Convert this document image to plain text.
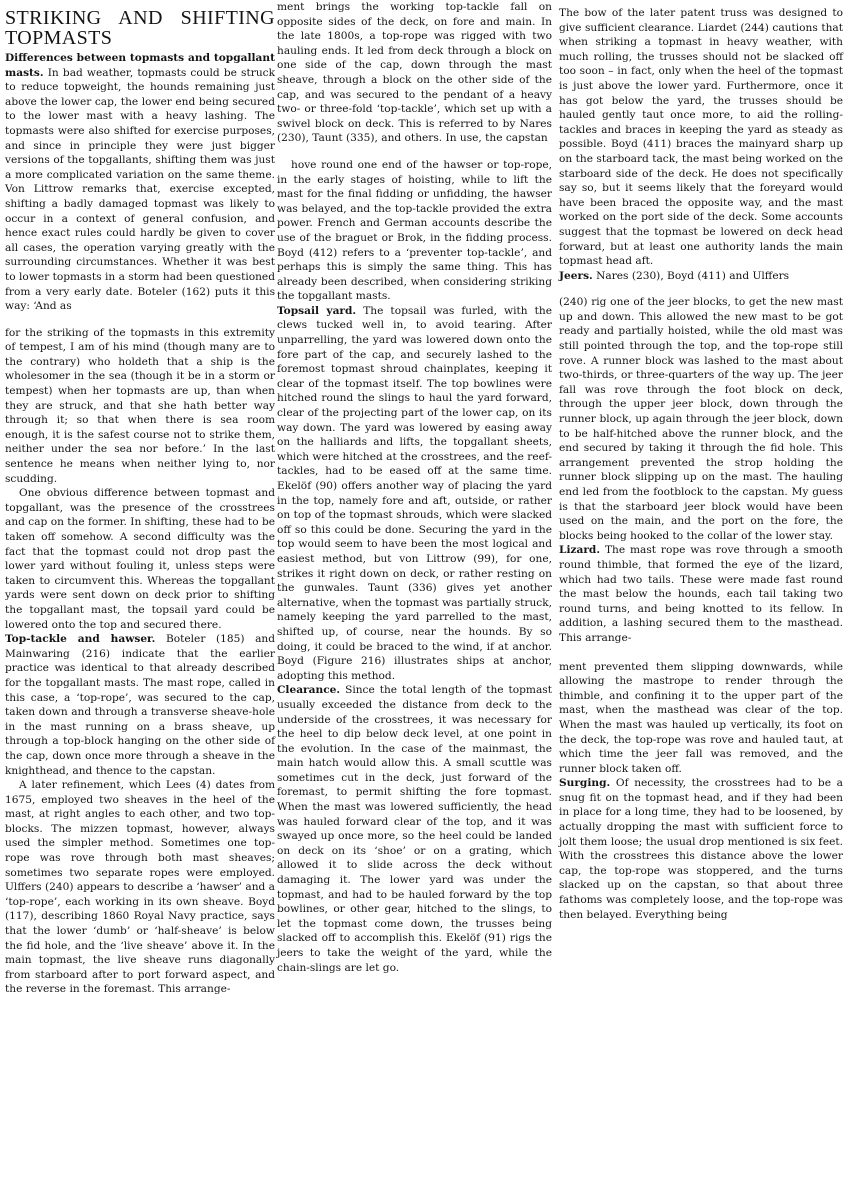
STRIKING AND SHIFTING TOPMASTS

Differences between topmasts and topgallant masts. In bad weather, topmasts could be struck to reduce topweight, the hounds remaining just above the lower cap, the lower end being secured to the lower mast with a heavy lashing. The topmasts were also shifted for exercise purposes, and since in principle they were just bigger versions of the topgallants, shifting them was just a more complicated variation on the same theme. Von Littrow remarks that, exercise excepted, shifting a badly damaged topmast was likely to occur in a context of general confusion, and hence exact rules could hardly be given to cover all cases, the operation varying greatly with the surrounding circumstances. Whether it was best to lower topmasts in a storm had been questioned from a very early date. Boteler (162) puts it this way: ‘And as

for the striking of the topmasts in this extremity of tempest, I am of his mind (though many are to the contrary) who holdeth that a ship is the wholesomer in the sea (though it be in a storm or tempest) when her topmasts are up, than when they are struck, and that she hath better way through it; so that when there is sea room enough, it is the safest course not to strike them, neither under the sea nor before.’ In the last sentence he means when neither lying to, nor scudding.

One obvious difference between topmast and topgallant, was the presence of the crosstrees and cap on the former. In shifting, these had to be taken off somehow. A second difficulty was the fact that the topmast could not drop past the lower yard without fouling it, unless steps were taken to circumvent this. Whereas the topgallant yards were sent down on deck prior to shifting the topgallant mast, the topsail yard could be lowered onto the top and secured there.

Top-tackle and hawser. Boteler (185) and Mainwaring (216) indicate that the earlier practice was identical to that already described for the topgallant masts. The mast rope, called in this case, a ‘top-rope’, was secured to the cap, taken down and through a transverse sheave-hole in the mast running on a brass sheave, up through a top-block hanging on the other side of the cap, down once more through a sheave in the knighthead, and thence to the capstan.

A later refinement, which Lees (4) dates from 1675, employed two sheaves in the heel of the mast, at right angles to each other, and two top-blocks. The mizzen topmast, however, always used the simpler method. Sometimes one top-rope was rove through both mast sheaves; sometimes two separate ropes were employed. Ulffers (240) appears to describe a ‘hawser’ and a ‘top-rope’, each working in its own sheave. Boyd (117), describing 1860 Royal Navy practice, says that the lower ‘dumb’ or ‘half-sheave’ is below the fid hole, and the ‘live sheave’ above it. In the main topmast, the live sheave runs diagonally from starboard after to port forward aspect, and the reverse in the foremast. This arrange-

ment brings the working top-tackle fall on opposite sides of the deck, on fore and main. In the late 1800s, a top-rope was rigged with two hauling ends. It led from deck through a block on one side of the cap, down through the mast sheave, through a block on the other side of the cap, and was secured to the pendant of a heavy two- or three-fold ‘top-tackle’, which set up with a swivel block on deck. This is referred to by Nares (230), Taunt (335), and others. In use, the capstan

hove round one end of the hawser or top-rope, in the early stages of hoisting, while to lift the mast for the final fidding or unfidding, the hawser was belayed, and the top-tackle provided the extra power. French and German accounts describe the use of the braguet or Brok, in the fidding process. Boyd (412) refers to a ‘preventer top-tackle’, and perhaps this is simply the same thing. This has already been described, when considering striking the topgallant masts.

Topsail yard. The topsail was furled, with the clews tucked well in, to avoid tearing. After unparrelling, the yard was lowered down onto the fore part of the cap, and securely lashed to the foremost topmast shroud chainplates, keeping it clear of the topmast itself. The top bowlines were hitched round the slings to haul the yard forward, clear of the projecting part of the lower cap, on its way down. The yard was lowered by easing away on the halliards and lifts, the topgallant sheets, which were hitched at the crosstrees, and the reef-tackles, had to be eased off at the same time. Ekelöf (90) offers another way of placing the yard in the top, namely fore and aft, outside, or rather on top of the topmast shrouds, which were slacked off so this could be done. Securing the yard in the top would seem to have been the most logical and easiest method, but von Littrow (99), for one, strikes it right down on deck, or rather resting on the gunwales. Taunt (336) gives yet another alternative, when the topmast was partially struck, namely keeping the yard parrelled to the mast, shifted up, of course, near the hounds. By so doing, it could be braced to the wind, if at anchor. Boyd (Figure 216) illustrates ships at anchor, adopting this method.

Clearance. Since the total length of the topmast usually exceeded the distance from deck to the underside of the crosstrees, it was necessary for the heel to dip below deck level, at one point in the evolution. In the case of the mainmast, the main hatch would allow this. A small scuttle was sometimes cut in the deck, just forward of the foremast, to permit shifting the fore topmast. When the mast was lowered sufficiently, the head was hauled forward clear of the top, and it was swayed up once more, so the heel could be landed on deck on its ‘shoe’ or on a grating, which allowed it to slide across the deck without damaging it. The lower yard was under the topmast, and had to be hauled forward by the top bowlines, or other gear, hitched to the slings, to let the topmast come down, the trusses being slacked off to accomplish this. Ekelöf (91) rigs the jeers to take the weight of the yard, while the chain-slings are let go.

The bow of the later patent truss was designed to give sufficient clearance. Liardet (244) cautions that when striking a topmast in heavy weather, with much rolling, the trusses should not be slacked off too soon – in fact, only when the heel of the topmast is just above the lower yard. Furthermore, once it has got below the yard, the trusses should be hauled gently taut once more, to aid the rolling-tackles and braces in keeping the yard as steady as possible. Boyd (411) braces the mainyard sharp up on the starboard tack, the mast being worked on the starboard side of the deck. He does not specifically say so, but it seems likely that the foreyard would have been braced the opposite way, and the mast worked on the port side of the deck. Some accounts suggest that the topmast be lowered on deck head forward, but at least one authority lands the main topmast head aft.

Jeers. Nares (230), Boyd (411) and Ulffers

(240) rig one of the jeer blocks, to get the new mast up and down. This allowed the new mast to be got ready and partially hoisted, while the old mast was still pointed through the top, and the top-rope still rove. A runner block was lashed to the mast about two-thirds, or three-quarters of the way up. The jeer fall was rove through the foot block on deck, through the upper jeer block, down through the runner block, up again through the jeer block, down to be half-hitched above the runner block, and the end secured by taking it through the fid hole. This arrangement prevented the strop holding the runner block slipping up on the mast. The hauling end led from the footblock to the capstan. My guess is that the starboard jeer block would have been used on the main, and the port on the fore, the blocks being hooked to the collar of the lower stay.

Lizard. The mast rope was rove through a smooth round thimble, that formed the eye of the lizard, which had two tails. These were made fast round the mast below the hounds, each tail taking two round turns, and being knotted to its fellow. In addition, a lashing secured them to the masthead. This arrange-

ment prevented them slipping downwards, while allowing the mastrope to render through the thimble, and confining it to the upper part of the mast, when the masthead was clear of the top. When the mast was hauled up vertically, its foot on the deck, the top-rope was rove and hauled taut, at which time the jeer fall was removed, and the runner block taken off.

Surging. Of necessity, the crosstrees had to be a snug fit on the topmast head, and if they had been in place for a long time, they had to be loosened, by actually dropping the mast with sufficient force to jolt them loose; the usual drop mentioned is six feet. With the crosstrees this distance above the lower cap, the top-rope was stoppered, and the turns slacked up on the capstan, so that about three fathoms was completely loose, and the top-rope was then belayed. Everything being
